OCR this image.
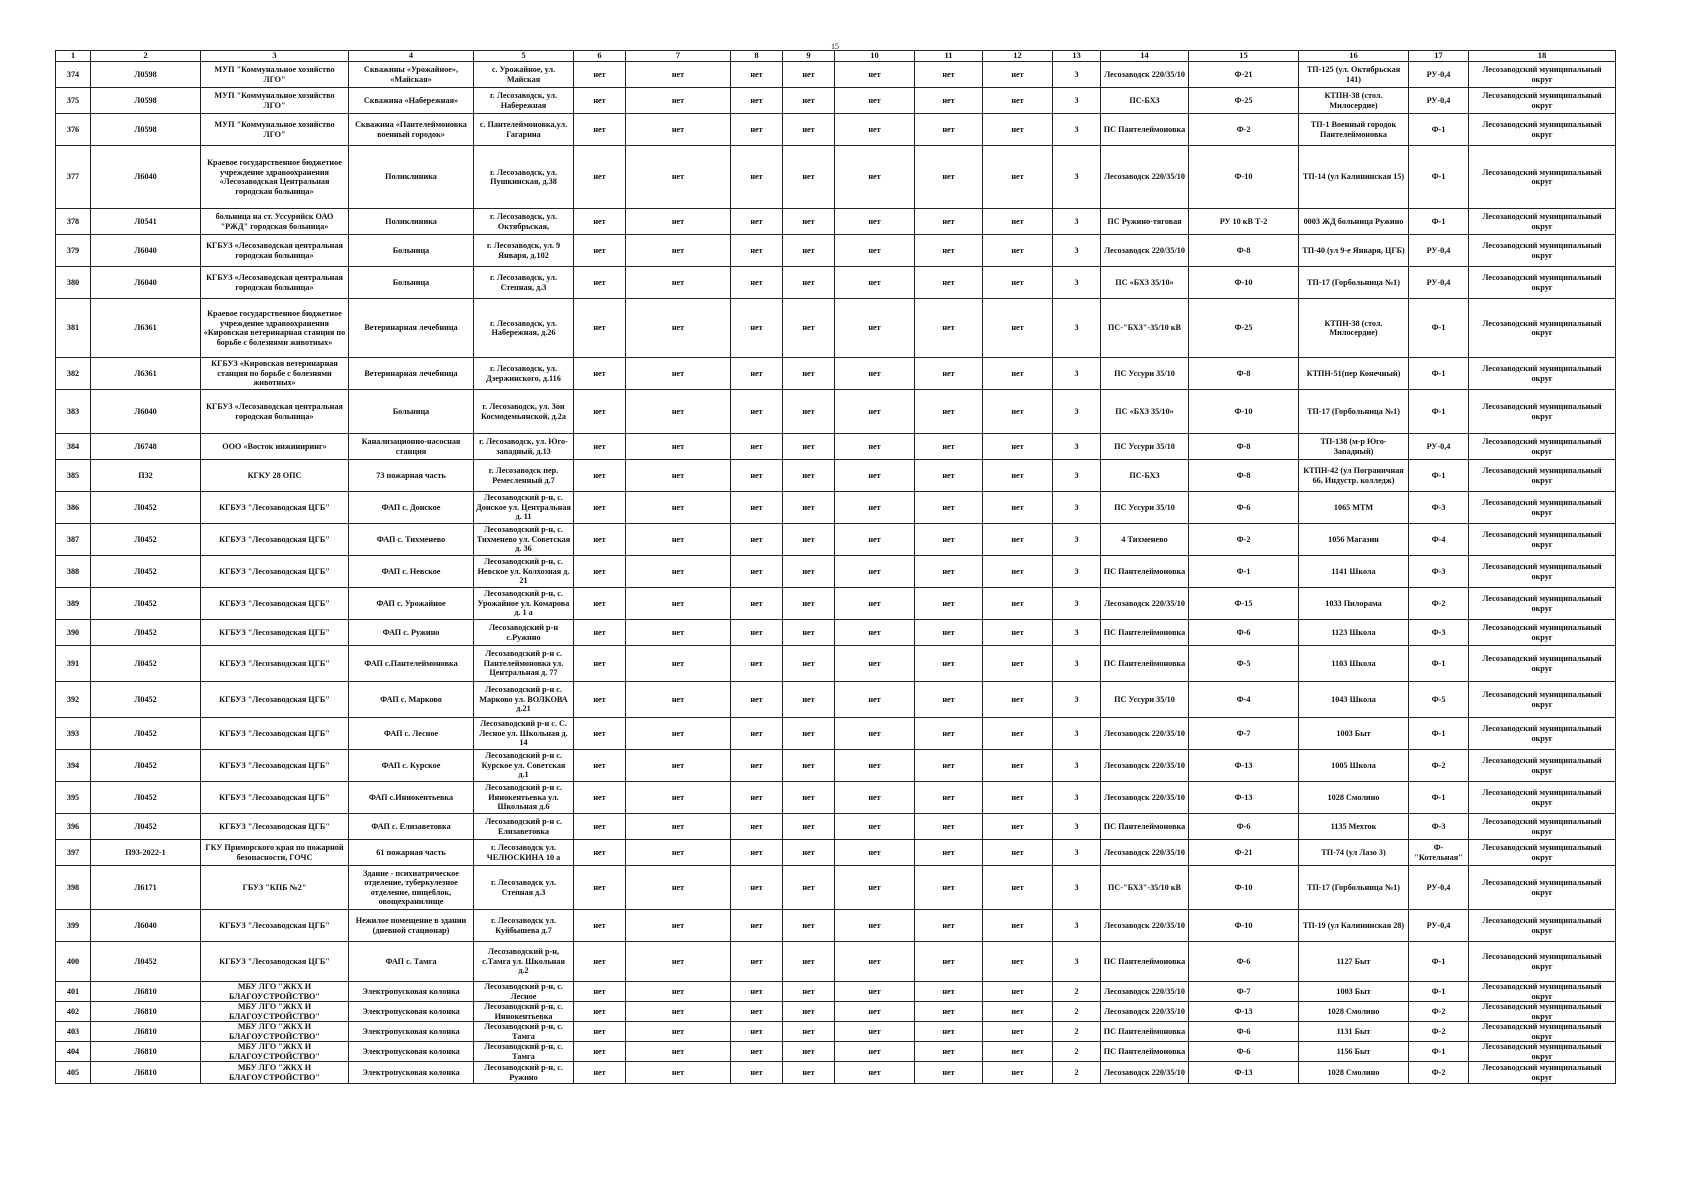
15
1	2	3	4	5	6	7	8	9	10	11	12	13	14	15	16	17	18
374	Л0598	МУП "Коммунальное хозяйство ЛГО"	Скважины «Урожайное», «Майская»	с. Урожайное, ул. Майская	нет	нет	нет	нет	нет	нет	нет	3	Лесозаводск 220/35/10	Ф-21	ТП-125 (ул. Октябрьская 141)	РУ-0,4	Лесозаводский муниципальный округ
375	Л0598	МУП "Коммунальное хозяйство ЛГО"	Скважина «Набережная»	г. Лесозаводск, ул. Набережная	нет	нет	нет	нет	нет	нет	нет	3	ПС-БХЗ	Ф-25	КТПН-38 (стол. Милосердие)	РУ-0,4	Лесозаводский муниципальный округ
376	Л0598	МУП "Коммунальное хозяйство ЛГО"	Скважина «Пантелеймоновка военный городок»	с. Пантелеймоновка,ул. Гагарина	нет	нет	нет	нет	нет	нет	нет	3	ПС Пантелеймоновка	Ф-2	ТП-1 Военный городок Пантелеймоновка	Ф-1	Лесозаводский муниципальный округ
377	Л6040	Краевое государственное бюджетное учреждение здравоохранения «Лесозаводская Центральная городская больница»	Поликлиника	г. Лесозаводск, ул. Пушкинская, д.38	нет	нет	нет	нет	нет	нет	нет	3	Лесозаводск 220/35/10	Ф-10	ТП-14 (ул Калининская 15)	Ф-1	Лесозаводский муниципальный округ
378	Л0541	больница на ст. Уссурийск ОАО "РЖД" городская больница»	Поликлиника	г. Лесозаводск, ул. Октябрьская,	нет	нет	нет	нет	нет	нет	нет	3	ПС Ружино-тяговая	РУ 10 кВ Т-2	0003 ЖД больница Ружино	Ф-1	Лесозаводский муниципальный округ
379	Л6040	КГБУЗ «Лесозаводская центральная городская больница»	Больница	г. Лесозаводск, ул. 9 Января, д.102	нет	нет	нет	нет	нет	нет	нет	3	Лесозаводск 220/35/10	Ф-8	ТП-40 (ул 9-е Января, ЦГБ)	РУ-0,4	Лесозаводский муниципальный округ
380	Л6040	КГБУЗ «Лесозаводская центральная городская больница»	Больница	г. Лесозаводск, ул. Степная, д.3	нет	нет	нет	нет	нет	нет	нет	3	ПС «БХЗ 35/10»	Ф-10	ТП-17 (Горбольница №1)	РУ-0,4	Лесозаводский муниципальный округ
381	Л6361	Краевое государственное бюджетное учреждение здравоохранения «Кировская ветеринарная станция по борьбе с болезнями животных»	Ветеринарная лечебница	г. Лесозаводск, ул. Набережная, д.26	нет	нет	нет	нет	нет	нет	нет	3	ПС-"БХЗ"-35/10 кВ	Ф-25	КТПН-38 (стол. Милосердие)	Ф-1	Лесозаводский муниципальный округ
382	Л6361	КГБУЗ «Кировская ветеринарная станция по борьбе с болезнями животных»	Ветеринарная лечебница	г. Лесозаводск, ул. Дзержинского, д.116	нет	нет	нет	нет	нет	нет	нет	3	ПС Уссури 35/10	Ф-8	КТПН-51(пер Конечный)	Ф-1	Лесозаводский муниципальный округ
383	Л6040	КГБУЗ «Лесозаводская центральная городская больница»	Больница	г. Лесозаводск, ул. Зои Космодемьянской, д.2а	нет	нет	нет	нет	нет	нет	нет	3	ПС «БХЗ 35/10»	Ф-10	ТП-17 (Горбольница №1)	Ф-1	Лесозаводский муниципальный округ
384	Л6748	ООО «Восток инжиниринг»	Канализационно-насосная станция	г. Лесозаводск, ул. Юго-западный, д.13	нет	нет	нет	нет	нет	нет	нет	3	ПС Уссури 35/10	Ф-8	ТП-138 (м-р Юго-Западный)	РУ-0,4	Лесозаводский муниципальный округ
385	П32	КГКУ 28 ОПС	73 пожарная часть	г. Лесозаводск пер. Ремесленный д.7	нет	нет	нет	нет	нет	нет	нет	3	ПС-БХЗ	Ф-8	КТПН-42 (ул Пограничная 66, Индустр. колледж)	Ф-1	Лесозаводский муниципальный округ
386	Л0452	КГБУЗ "Лесозаводская ЦГБ"	ФАП с. Донское	Лесозаводский р-н, с. Донское ул. Центральная д. 11	нет	нет	нет	нет	нет	нет	нет	3	ПС Уссури 35/10	Ф-6	1065 МТМ	Ф-3	Лесозаводский муниципальный округ
387	Л0452	КГБУЗ "Лесозаводская ЦГБ"	ФАП с. Тихменево	Лесозаводский р-н, с. Тихменево ул. Советская д. 36	нет	нет	нет	нет	нет	нет	нет	3	4 Тихменево	Ф-2	1056 Магазин	Ф-4	Лесозаводский муниципальный округ
388	Л0452	КГБУЗ "Лесозаводская ЦГБ"	ФАП с. Невское	Лесозаводский р-н, с. Невское ул. Колхозная д. 21	нет	нет	нет	нет	нет	нет	нет	3	ПС Пантелеймоновка	Ф-1	1141 Школа	Ф-3	Лесозаводский муниципальный округ
389	Л0452	КГБУЗ "Лесозаводская ЦГБ"	ФАП с. Урожайное	Лесозаводский р-н, с. Урожайное ул. Комарова д. 1 а	нет	нет	нет	нет	нет	нет	нет	3	Лесозаводск 220/35/10	Ф-15	1033 Пилорама	Ф-2	Лесозаводский муниципальный округ
390	Л0452	КГБУЗ "Лесозаводская ЦГБ"	ФАП с. Ружино	Лесозаводский р-н с.Ружино	нет	нет	нет	нет	нет	нет	нет	3	ПС Пантелеймоновка	Ф-6	1123 Школа	Ф-3	Лесозаводский муниципальный округ
391	Л0452	КГБУЗ "Лесозаводская ЦГБ"	ФАП с.Пантелеймоновка	Лесозаводский р-н с. Пантелеймоновка ул. Центральная д. 77	нет	нет	нет	нет	нет	нет	нет	3	ПС Пантелеймоновка	Ф-5	1103 Школа	Ф-1	Лесозаводский муниципальный округ
392	Л0452	КГБУЗ "Лесозаводская ЦГБ"	ФАП с. Марково	Лесозаводский р-н с. Марково ул. ВОЛКОВА д.21	нет	нет	нет	нет	нет	нет	нет	3	ПС Уссури 35/10	Ф-4	1043 Школа	Ф-5	Лесозаводский муниципальный округ
393	Л0452	КГБУЗ "Лесозаводская ЦГБ"	ФАП с. Лесное	Лесозаводский р-н с. С. Лесное ул. Школьная д. 14	нет	нет	нет	нет	нет	нет	нет	3	Лесозаводск 220/35/10	Ф-7	1003 Быт	Ф-1	Лесозаводский муниципальный округ
394	Л0452	КГБУЗ "Лесозаводская ЦГБ"	ФАП с. Курское	Лесозаводский р-н с. Курское ул. Советская д.1	нет	нет	нет	нет	нет	нет	нет	3	Лесозаводск 220/35/10	Ф-13	1005 Школа	Ф-2	Лесозаводский муниципальный округ
395	Л0452	КГБУЗ "Лесозаводская ЦГБ"	ФАП с.Иннокентьевка	Лесозаводский р-н с. Иннокентьевка ул. Школьная д.6	нет	нет	нет	нет	нет	нет	нет	3	Лесозаводск 220/35/10	Ф-13	1028 Смолино	Ф-1	Лесозаводский муниципальный округ
396	Л0452	КГБУЗ "Лесозаводская ЦГБ"	ФАП с. Елизаветовка	Лесозаводский р-н с. Елизаветовка	нет	нет	нет	нет	нет	нет	нет	3	ПС Пантелеймоновка	Ф-6	1135 Мехток	Ф-3	Лесозаводский муниципальный округ
397	П93-2022-1	ГКУ Приморского края по пожарной безопасности, ГОЧС	61 пожарная часть	г. Лесозаводск ул. ЧЕЛЮСКИНА 10 а	нет	нет	нет	нет	нет	нет	нет	3	Лесозаводск 220/35/10	Ф-21	ТП-74 (ул Лазо 3)	Ф-"Котельная"	Лесозаводский муниципальный округ
398	Л6171	ГБУЗ "КПБ №2"	Здание - психиатрическое отделение, туберкулезное отделение, пищеблок, овощехранилище	г. Лесозаводск ул. Степная д.3	нет	нет	нет	нет	нет	нет	нет	3	ПС-"БХЗ"-35/10 кВ	Ф-10	ТП-17 (Горбольница №1)	РУ-0,4	Лесозаводский муниципальный округ
399	Л6040	КГБУЗ "Лесозаводская ЦГБ"	Нежилое помещение в здании (дневной стационар)	г. Лесозаводск ул. Куйбышева д.7	нет	нет	нет	нет	нет	нет	нет	3	Лесозаводск 220/35/10	Ф-10	ТП-19 (ул Калининская 28)	РУ-0,4	Лесозаводский муниципальный округ
400	Л0452	КГБУЗ "Лесозаводская ЦГБ"	ФАП с. Тамга	Лесозаводский р-н, с.Тамга ул. Школьная д.2	нет	нет	нет	нет	нет	нет	нет	3	ПС Пантелеймоновка	Ф-6	1127 Быт	Ф-1	Лесозаводский муниципальный округ
401	Л6810	МБУ ЛГО "ЖКХ И БЛАГОУСТРОЙСТВО"	Электропусковая колонка	Лесозаводский р-н, с. Лесное	нет	нет	нет	нет	нет	нет	нет	2	Лесозаводск 220/35/10	Ф-7	1003 Быт	Ф-1	Лесозаводский муниципальный округ
402	Л6810	МБУ ЛГО "ЖКХ И БЛАГОУСТРОЙСТВО"	Электропусковая колонка	Лесозаводский р-н, с. Иннокентьевка	нет	нет	нет	нет	нет	нет	нет	2	Лесозаводск 220/35/10	Ф-13	1028 Смолино	Ф-2	Лесозаводский муниципальный округ
403	Л6810	МБУ ЛГО "ЖКХ И БЛАГОУСТРОЙСТВО"	Электропусковая колонка	Лесозаводский р-н, с. Тамга	нет	нет	нет	нет	нет	нет	нет	2	ПС Пантелеймоновка	Ф-6	1131 Быт	Ф-2	Лесозаводский муниципальный округ
404	Л6810	МБУ ЛГО "ЖКХ И БЛАГОУСТРОЙСТВО"	Электропусковая колонка	Лесозаводский р-н, с. Тамга	нет	нет	нет	нет	нет	нет	нет	2	ПС Пантелеймоновка	Ф-6	1156 Быт	Ф-1	Лесозаводский муниципальный округ
405	Л6810	МБУ ЛГО "ЖКХ И БЛАГОУСТРОЙСТВО"	Электропусковая колонка	Лесозаводский р-н, с. Ружино	нет	нет	нет	нет	нет	нет	нет	2	Лесозаводск 220/35/10	Ф-13	1028 Смолино	Ф-2	Лесозаводский муниципальный округ
